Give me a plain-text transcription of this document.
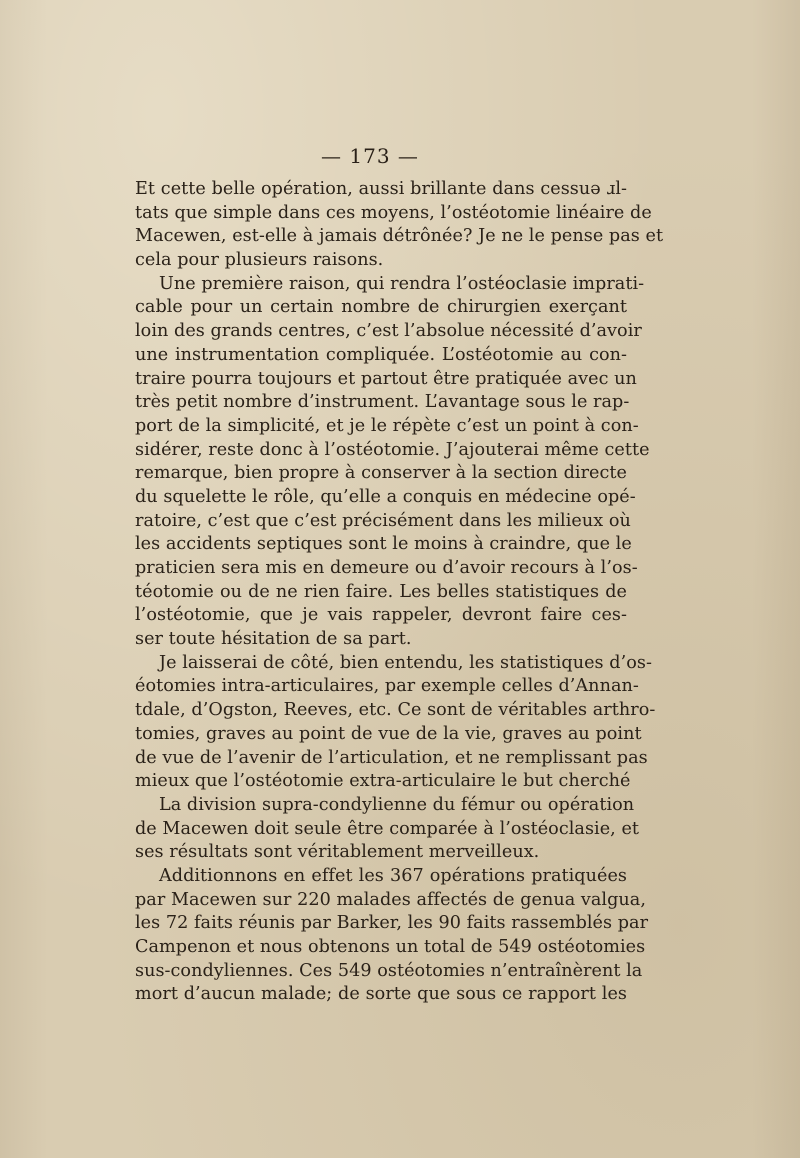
— 173 —
Et cette belle opération, aussi brillante dans cessuə ɹl-
tats que simple dans ces moyens, l’ostéotomie linéaire de
Macewen, est-elle à jamais détrônée? Je ne le pense pas et
cela pour plusieurs raisons.
Une première raison, qui rendra l’ostéoclasie imprati-
cable pour un certain nombre de chirurgien exerçant
loin des grands centres, c’est l’absolue nécessité d’avoir
une instrumentation compliquée. L’ostéotomie au con-
traire pourra toujours et partout être pratiquée avec un
très petit nombre d’instrument. L’avantage sous le rap-
port de la simplicité, et je le répète c’est un point à con-
sidérer, reste donc à l’ostéotomie. J’ajouterai même cette
remarque, bien propre à conserver à la section directe
du squelette le rôle, qu’elle a conquis en médecine opé-
ratoire, c’est que c’est précisément dans les milieux où
les accidents septiques sont le moins à craindre, que le
praticien sera mis en demeure ou d’avoir recours à l’os-
téotomie ou de ne rien faire. Les belles statistiques de
l’ostéotomie, que je vais rappeler, devront faire ces-
ser toute hésitation de sa part.
Je laisserai de côté, bien entendu, les statistiques d’os-
éotomies intra-articulaires, par exemple celles d’Annan-
tdale, d’Ogston, Reeves, etc. Ce sont de véritables arthro-
tomies, graves au point de vue de la vie, graves au point
de vue de l’avenir de l’articulation, et ne remplissant pas
mieux que l’ostéotomie extra-articulaire le but cherché
La division supra-condylienne du fémur ou opération
de Macewen doit seule être comparée à l’ostéoclasie, et
ses résultats sont véritablement merveilleux.
Additionnons en effet les 367 opérations pratiquées
par Macewen sur 220 malades affectés de genua valgua,
les 72 faits réunis par Barker, les 90 faits rassemblés par
Campenon et nous obtenons un total de 549 ostéotomies
sus-condyliennes. Ces 549 ostéotomies n’entraînèrent la
mort d’aucun malade; de sorte que sous ce rapport les
